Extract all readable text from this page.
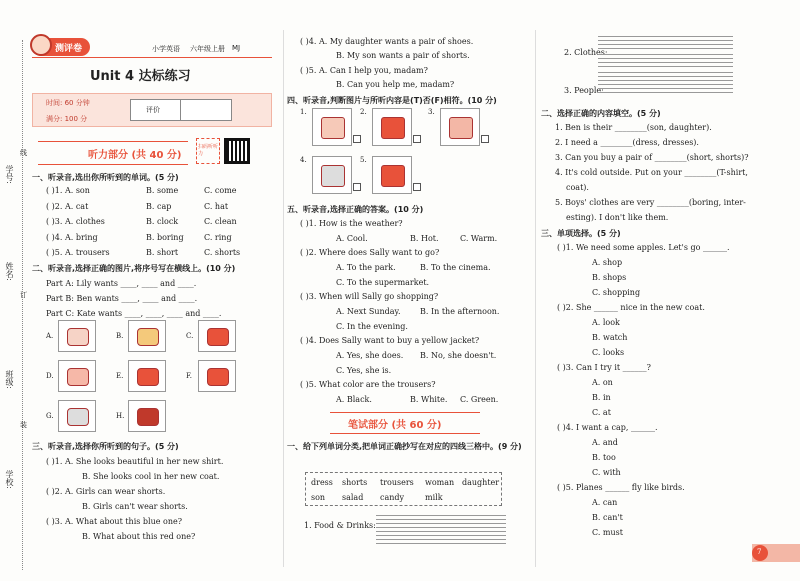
学校:
班级:
姓名:
学号:
线
订
装
测评卷	小学英语 六年级上册 MJ
Unit 4 达标练习
时间: 60 分钟
满分: 100 分
评价
听力部分 (共 40 分)
扫码听听力
一、听录音,选出你所听到的单词。(5 分)
( )1. A. son	B. some	C. come
( )2. A. cat	B. cap	C. hat
( )3. A. clothes	B. clock	C. clean
( )4. A. bring	B. boring	C. ring
( )5. A. trousers	B. short	C. shorts
二、听录音,选择正确的图片,将序号写在横线上。(10 分)
Part A: Lily wants ____, ____ and ____.
Part B: Ben wants ____, ____ and ____.
Part C: Kate wants ____, ____, ____ and ____.
A.	B.	C.
D.	E.	F.
G.	H.
三、听录音,选择你所听到的句子。(5 分)
( )1. A. She looks beautiful in her new shirt.
B. She looks cool in her new coat.
( )2. A. Girls can wear shorts.
B. Girls can't wear shorts.
( )3. A. What about this blue one?
B. What about this red one?
( )4. A. My daughter wants a pair of shoes.
B. My son wants a pair of shorts.
( )5. A. Can I help you, madam?
B. Can you help me, madam?
四、听录音,判断图片与所听内容是(T)否(F)相符。(10 分)
1.	2.	3.
4.	5.
五、听录音,选择正确的答案。(10 分)
( )1. How is the weather?
A. Cool.	B. Hot.	C. Warm.
( )2. Where does Sally want to go?
A. To the park.	B. To the cinema.
C. To the supermarket.
( )3. When will Sally go shopping?
A. Next Sunday. B. In the afternoon.
C. In the evening.
( )4. Does Sally want to buy a yellow jacket?
A. Yes, she does. B. No, she doesn't.
C. Yes, she is.
( )5. What color are the trousers?
A. Black.	B. White. C. Green.
笔试部分 (共 60 分)
一、给下列单词分类,把单词正确抄写在对应的四线三格中。(9 分)
dress shorts trousers woman daughter
son salad candy	milk
1. Food & Drinks:
2. Clothes:
3. People:
二、选择正确的内容填空。(5 分)
1. Ben is their ________(son, daughter).
2. I need a ________(dress, dresses).
3. Can you buy a pair of ________(short, shorts)?
4. It's cold outside. Put on your ________(T-shirt,
coat).
5. Boys' clothes are very ________(boring, inter-
esting). I don't like them.
三、单项选择。(5 分)
( )1. We need some apples. Let's go ______.
A. shop
B. shops
C. shopping
( )2. She ______ nice in the new coat.
A. look
B. watch
C. looks
( )3. Can I try it ______?
A. on
B. in
C. at
( )4. I want a cap, ______.
A. and
B. too
C. with
( )5. Planes ______ fly like birds.
A. can
B. can't
C. must
7
